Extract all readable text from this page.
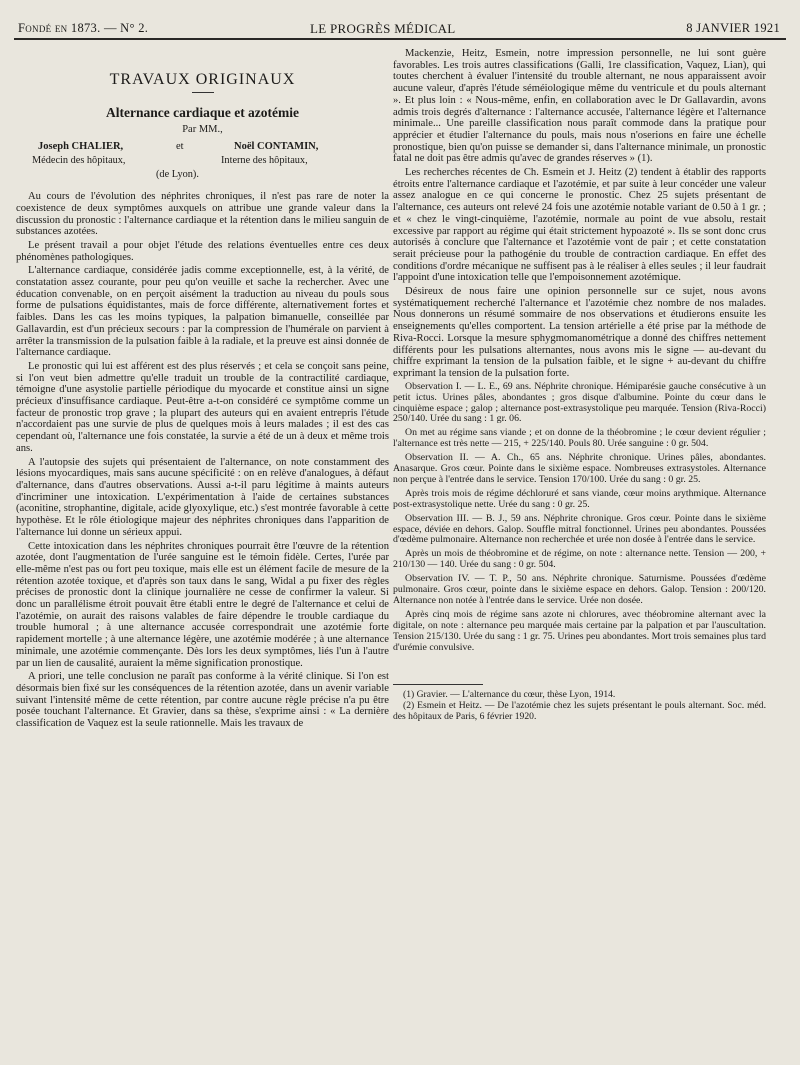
Fondé en 1873. — N° 2.	LE PROGRÈS MÉDICAL	8 JANVIER 1921
TRAVAUX ORIGINAUX
Alternance cardiaque et azotémie
Par MM.,
Joseph CHALIER,	et	Noël CONTAMIN,
Médecin des hôpitaux,	Interne des hôpitaux,
(de Lyon).

Au cours de l'évolution des néphrites chroniques, il n'est pas rare de noter la coexistence de deux symptômes auxquels on attribue une grande valeur dans la discussion du pronostic : l'alternance cardiaque et la rétention dans le milieu sanguin de substances azotées.

Le présent travail a pour objet l'étude des relations éventuelles entre ces deux phénomènes pathologiques.

L'alternance cardiaque, considérée jadis comme exceptionnelle, est, à la vérité, de constatation assez courante, pour peu qu'on veuille et sache la rechercher. Avec une éducation convenable, on en perçoit aisément la traduction au niveau du pouls sous forme de pulsations équidistantes, mais de force différente, alternativement fortes et faibles. Dans les cas les moins typiques, la palpation bimanuelle, conseillée par Gallavardin, est d'un précieux secours : par la compression de l'humérale on parvient à arrêter la transmission de la pulsation faible à la radiale, et la preuve est ainsi donnée de l'alternance cardiaque.

Le pronostic qui lui est afférent est des plus réservés ; et cela se conçoit sans peine, si l'on veut bien admettre qu'elle traduit un trouble de la contractilité cardiaque, témoigne d'une asystolie partielle périodique du myocarde et constitue ainsi un signe précieux d'insuffisance cardiaque. Peut-être a-t-on considéré ce symptôme comme un facteur de pronostic trop grave ; la plupart des auteurs qui en avaient entrepris l'étude n'accordaient pas une survie de plus de quelques mois à leurs malades ; il est des cas cependant où, l'alternance une fois constatée, la survie a été de un à deux et même trois ans.

A l'autopsie des sujets qui présentaient de l'alternance, on note constamment des lésions myocardiques, mais sans aucune spécificité : on en relève d'analogues, à défaut d'alternance, dans d'autres observations. Aussi a-t-il paru légitime à maints auteurs d'incriminer une intoxication. L'expérimentation à l'aide de certaines substances (aconitine, strophantine, digitale, acide glyoxylique, etc.) s'est montrée favorable à cette hypothèse. Et le rôle étiologique majeur des néphrites chroniques dans l'apparition de l'alternance lui donne un sérieux appui.

Cette intoxication dans les néphrites chroniques pourrait être l'œuvre de la rétention azotée, dont l'augmentation de l'urée sanguine est le témoin fidèle. Certes, l'urée par elle-même n'est pas ou fort peu toxique, mais elle est un élément facile de mesure de la rétention azotée toxique, et d'après son taux dans le sang, Widal a pu fixer des règles précises de pronostic dont la clinique journalière ne cesse de confirmer la valeur. Si donc un parallélisme étroit pouvait être établi entre le degré de l'alternance et celui de l'azotémie, on aurait des raisons valables de faire dépendre le trouble cardiaque du trouble humoral ; à une alternance accusée correspondrait une azotémie forte rapidement mortelle ; à une alternance légère, une azotémie modérée ; à une alternance minimale, une azotémie commençante. Dès lors les deux symptômes, liés l'un à l'autre par un lien de causalité, auraient la même signification pronostique.

A priori, une telle conclusion ne paraît pas conforme à la vérité clinique. Si l'on est désormais bien fixé sur les conséquences de la rétention azotée, dans un avenir variable suivant l'intensité même de cette rétention, par contre aucune règle précise n'a pu être posée touchant l'alternance. Et Gravier, dans sa thèse, s'exprime ainsi : « La dernière classification de Vaquez est la seule rationnelle. Mais les travaux de

Mackenzie, Heitz, Esmein, notre impression personnelle, ne lui sont guère favorables. Les trois autres classifications (Galli, 1re classification, Vaquez, Lian), qui toutes cherchent à évaluer l'intensité du trouble alternant, ne nous apparaissent avoir aucune valeur, d'après l'étude séméiologique même du ventricule et du pouls alternant ». Et plus loin : « Nous-même, enfin, en collaboration avec le Dr Gallavardin, avons admis trois degrés d'alternance : l'alternance accusée, l'alternance légère et l'alternance minimale... Une pareille classification nous paraît commode dans la pratique pour apprécier et étudier l'alternance du pouls, mais nous n'oserions en faire une échelle pronostique, bien qu'on puisse se demander si, dans l'alternance minimale, un pronostic fatal ne doit pas être admis qu'avec de grandes réserves » (1).

Les recherches récentes de Ch. Esmein et J. Heitz (2) tendent à établir des rapports étroits entre l'alternance cardiaque et l'azotémie, et par suite à leur concéder une valeur assez analogue en ce qui concerne le pronostic. Chez 25 sujets présentant de l'alternance, ces auteurs ont relevé 24 fois une azotémie notable variant de 0.50 à 1 gr. ; et « chez le vingt-cinquième, l'azotémie, normale au point de vue absolu, restait excessive par rapport au régime qui était strictement hypoazoté ». Ils se sont donc crus autorisés à conclure que l'alternance et l'azotémie vont de pair ; et cette constatation serait précieuse pour la pathogénie du trouble de contraction cardiaque. En effet des conditions d'ordre mécanique ne suffisent pas à le réaliser à elles seules ; il leur faudrait l'appoint d'une intoxication telle que l'empoisonnement azotémique.

Désireux de nous faire une opinion personnelle sur ce sujet, nous avons systématiquement recherché l'alternance et l'azotémie chez nombre de nos malades. Nous donnerons un résumé sommaire de nos observations et étudierons ensuite les enseignements qu'elles comportent. La tension artérielle a été prise par la méthode de Riva-Rocci. Lorsque la mesure sphygmomanométrique a donné des chiffres nettement différents pour les pulsations alternantes, nous avons mis le signe — au-devant du chiffre exprimant la tension de la pulsation faible, et le signe + au-devant du chiffre exprimant la tension de la pulsation forte.

Observation I. — L. E., 69 ans. Néphrite chronique. Hémiparésie gauche consécutive à un petit ictus. Urines pâles, abondantes ; gros disque d'albumine. Pointe du cœur dans le cinquième espace ; galop ; alternance post-extrasystolique peu marquée. Tension (Riva-Rocci) 250/140. Urée du sang : 1 gr. 06.

On met au régime sans viande ; et on donne de la théobromine ; le cœur devient régulier ; l'alternance est très nette — 215, + 225/140. Pouls 80. Urée sanguine : 0 gr. 504.

Observation II. — A. Ch., 65 ans. Néphrite chronique. Urines pâles, abondantes. Anasarque. Gros cœur. Pointe dans le sixième espace. Nombreuses extrasystoles. Alternance non perçue à l'entrée dans le service. Tension 170/100. Urée du sang : 0 gr. 25.

Après trois mois de régime déchloruré et sans viande, cœur moins arythmique. Alternance post-extrasystolique nette. Urée du sang : 0 gr. 25.

Observation III. — B. J., 59 ans. Néphrite chronique. Gros cœur. Pointe dans le sixième espace, déviée en dehors. Galop. Souffle mitral fonctionnel. Urines peu abondantes. Poussées d'œdème pulmonaire. Alternance non recherchée et urée non dosée à l'entrée dans le service.

Après un mois de théobromine et de régime, on note : alternance nette. Tension — 200, + 210/130 — 140. Urée du sang : 0 gr. 504.

Observation IV. — T. P., 50 ans. Néphrite chronique. Saturnisme. Poussées d'œdème pulmonaire. Gros cœur, pointe dans le sixième espace en dehors. Galop. Tension : 200/120. Alternance non notée à l'entrée dans le service. Urée non dosée.

Après cinq mois de régime sans azote ni chlorures, avec théobromine alternant avec la digitale, on note : alternance peu marquée mais certaine par la palpation et par l'auscultation. Tension 215/130. Urée du sang : 1 gr. 75. Urines peu abondantes. Mort trois semaines plus tard d'urémie convulsive.

(1) Gravier. — L'alternance du cœur, thèse Lyon, 1914.

(2) Esmein et Heitz. — De l'azotémie chez les sujets présentant le pouls alternant. Soc. méd. des hôpitaux de Paris, 6 février 1920.
